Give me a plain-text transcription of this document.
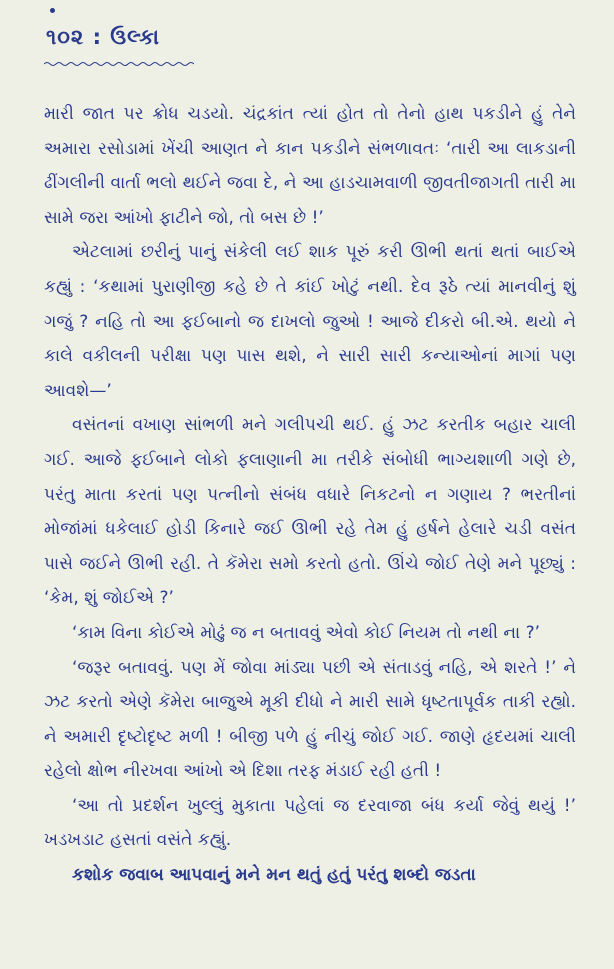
૧૦૨ : ઉલ્કા

મારી જાત પર ક્રોધ ચડયો. ચંદ્રકાંત ત્યાં હોત તો તેનો હાથ પકડીને હું તેને અમારા રસોડામાં ખેંચી આણત ને કાન પકડીને સંભળાવતઃ ‘તારી આ લાકડાની ઢીંગલીની વાર્તા ભલો થઈને જવા દે, ને આ હાડચામવાળી જીવતીજાગતી તારી મા સામે જરા આંખો ફાટીને જો, તો બસ છે !’

એટલામાં છરીનું પાનું સંકેલી લઈ શાક પૂરું કરી ઊભી થતાં થતાં બાઈએ કહ્યું : ‘કથામાં પુરાણીજી કહે છે તે કાંઈ ખોટું નથી. દેવ રૂઠે ત્યાં માનવીનું શું ગજું ? નહિ તો આ ફઈબાનો જ દાખલો જુઓ ! આજે દીકરો બી.એ. થયો ને કાલે વકીલની પરીક્ષા પણ પાસ થશે, ને સારી સારી કન્યાઓનાં માગાં પણ આવશે—’

વસંતનાં વખાણ સાંભળી મને ગલીપચી થઈ. હું ઝટ કરતીક બહાર ચાલી ગઈ. આજે ફઈબાને લોકો ફલાણાની મા તરીકે સંબોધી ભાગ્યશાળી ગણે છે, પરંતુ માતા કરતાં પણ પત્નીનો સંબંધ વધારે નિકટનો ન ગણાય ? ભરતીનાં મોજાંમાં ધકેલાઈ હોડી કિનારે જઈ ઊભી રહે તેમ હું હર્ષને હેલારે ચડી વસંત પાસે જઈને ઊભી રહી. તે કૅમેરા સમો કરતો હતો. ઊંચે જોઈ તેણે મને પૂછ્યું : ‘કેમ, શું જોઈએ ?’

‘કામ વિના કોઈએ મોઢું જ ન બતાવવું એવો કોઈ નિયમ તો નથી ના ?’

‘જરૂર બતાવવું. પણ મેં જોવા માંડ્યા પછી એ સંતાડવું નહિ, એ શરતે !’ ને ઝટ કરતો એણે કૅમેરા બાજુએ મૂકી દીધો ને મારી સામે ધૃષ્ટતાપૂર્વક તાકી રહ્યો. ને અમારી દૃષ્ટોદૃષ્ટ મળી ! બીજી પળે હું નીચું જોઈ ગઈ. જાણે હૃદયમાં ચાલી રહેલો ક્ષોભ નીરખવા આંખો એ દિશા તરફ મંડાઈ રહી હતી !

‘આ તો પ્રદર્શન ખુલ્લું મુકાતા પહેલાં જ દરવાજા બંધ કર્યા જેવું થયું !’ ખડખડાટ હસતાં વસંતે કહ્યું.

કશોક જવાબ આપવાનું મને મન થતું હતું પરંતુ શબ્દો જડતા
